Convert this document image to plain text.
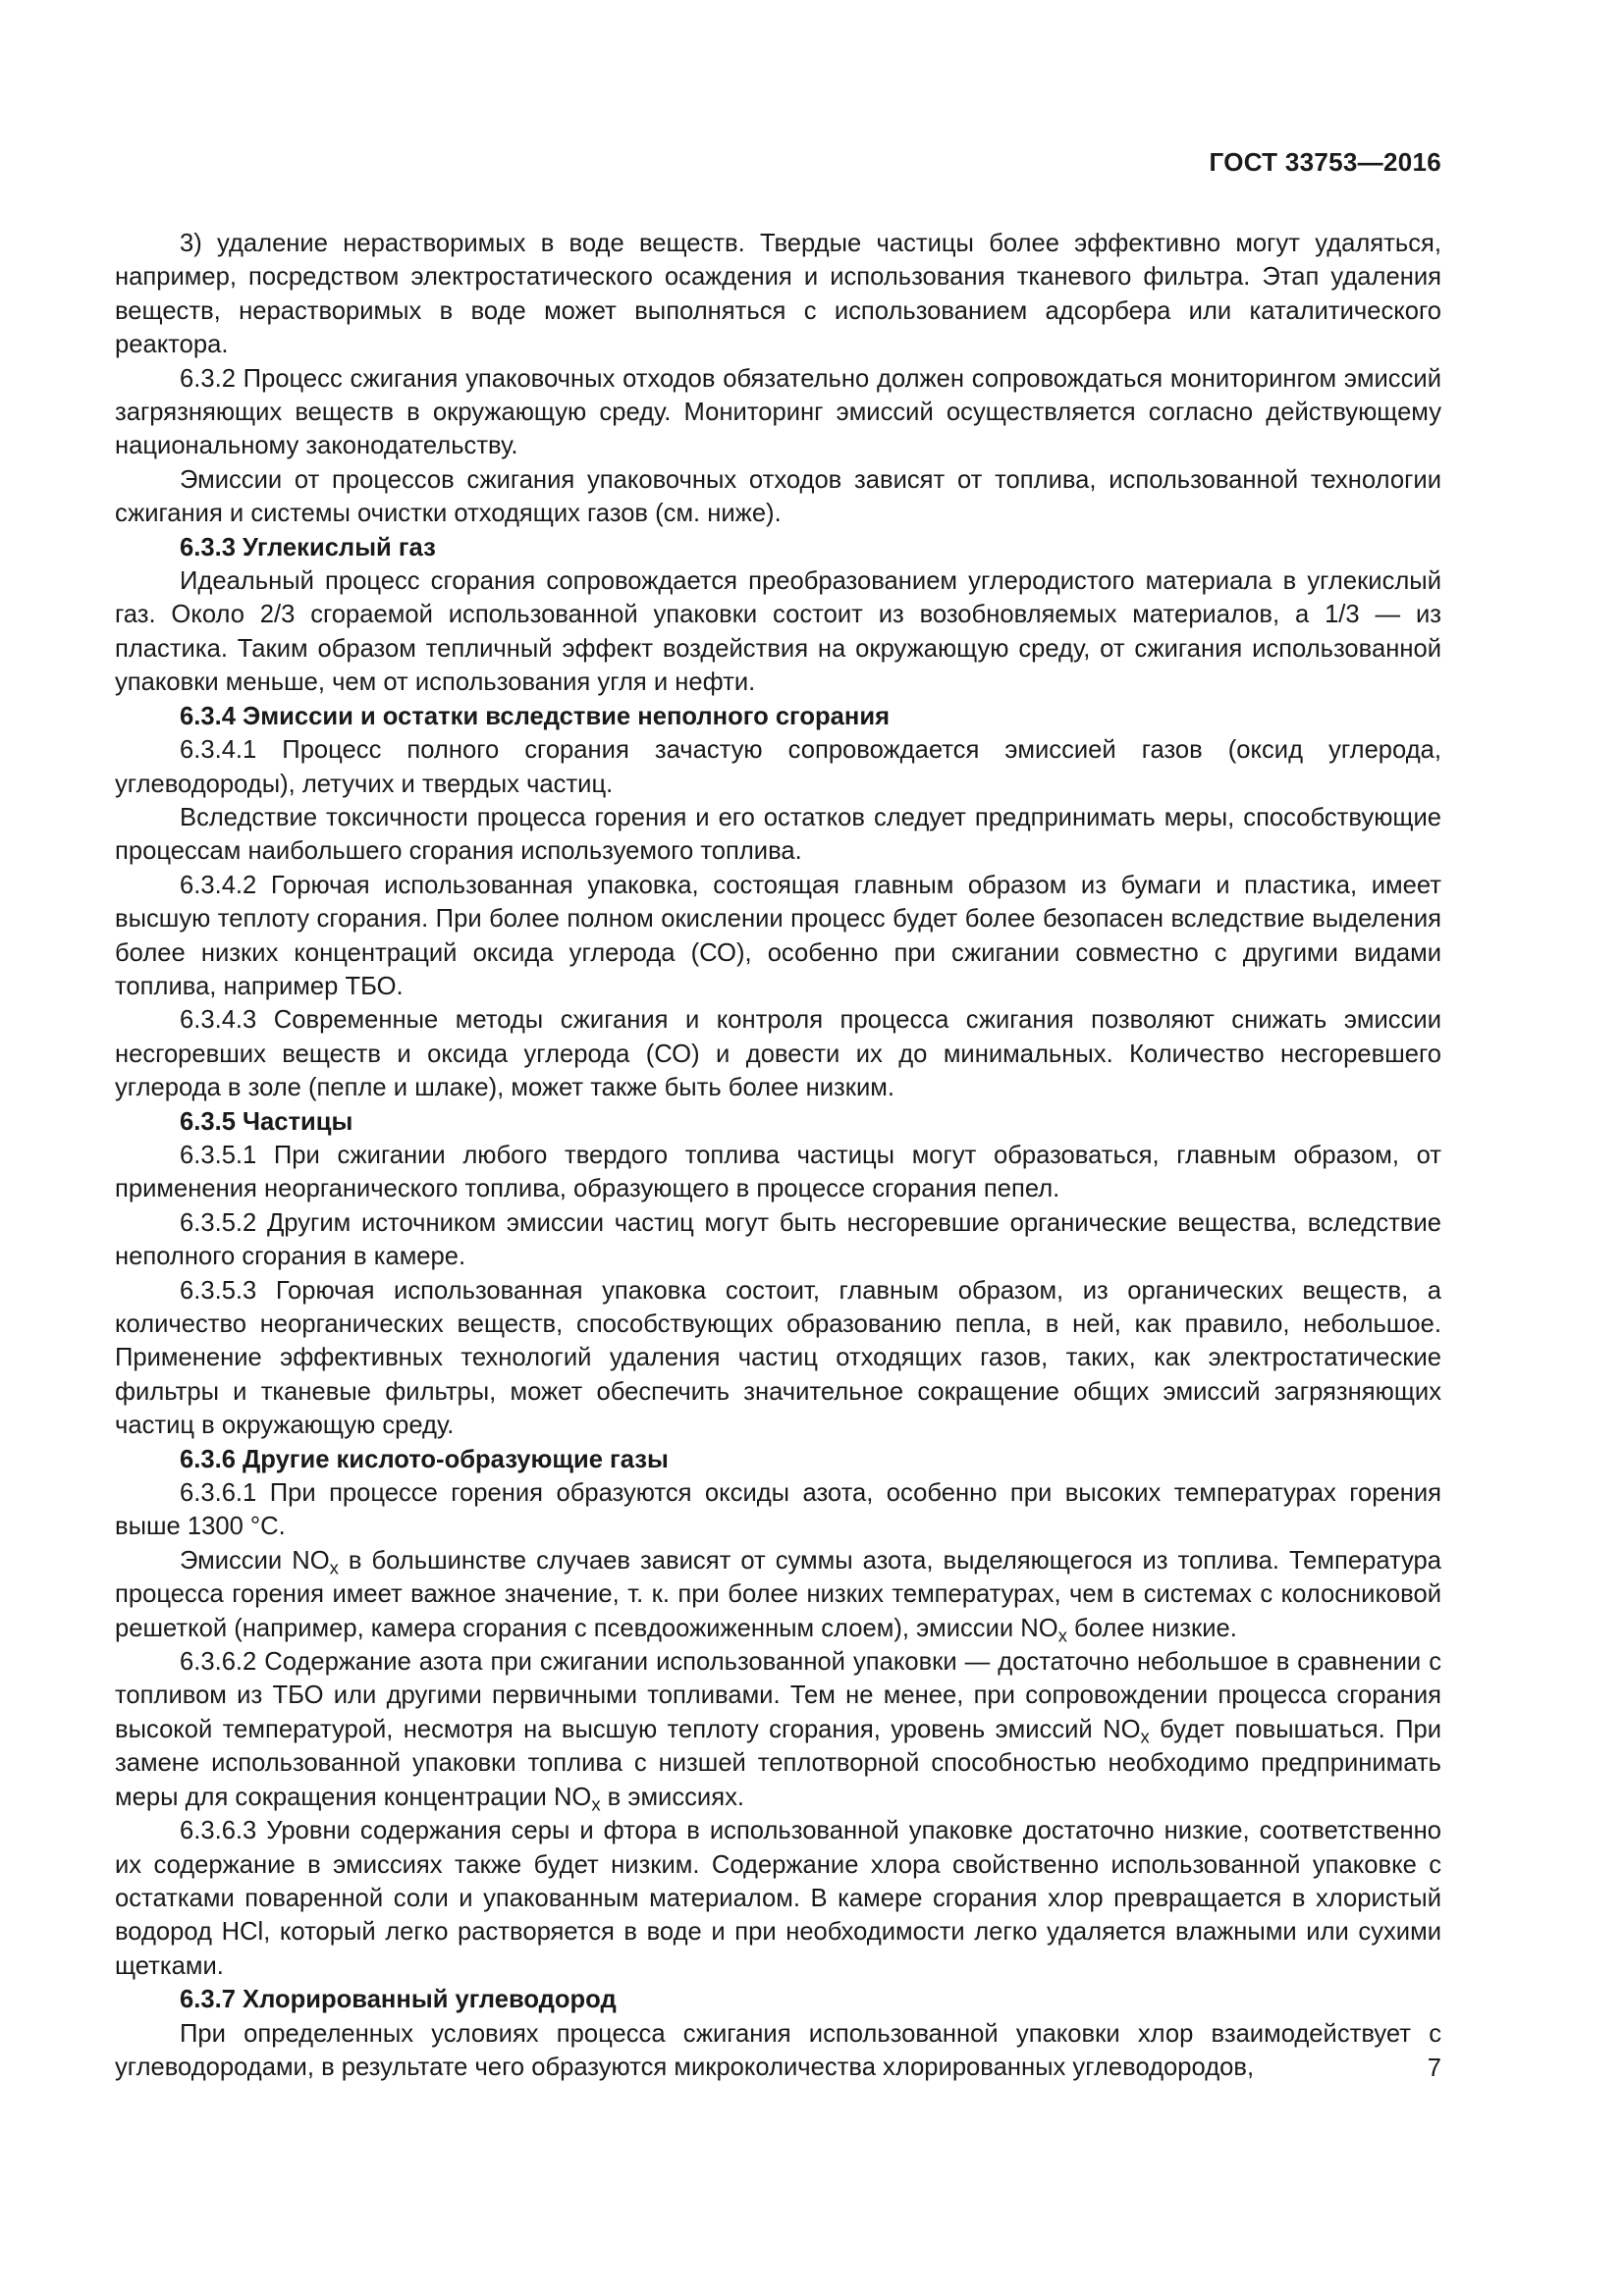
ГОСТ 33753—2016

3) удаление нерастворимых в воде веществ. Твердые частицы более эффективно могут удаляться, например, посредством электростатического осаждения и использования тканевого фильтра. Этап удаления веществ, нерастворимых в воде может выполняться с использованием адсорбера или каталитического реактора.

6.3.2 Процесс сжигания упаковочных отходов обязательно должен сопровождаться мониторингом эмиссий загрязняющих веществ в окружающую среду. Мониторинг эмиссий осуществляется согласно действующему национальному законодательству.

Эмиссии от процессов сжигания упаковочных отходов зависят от топлива, использованной технологии сжигания и системы очистки отходящих газов (см. ниже).

6.3.3 Углекислый газ

Идеальный процесс сгорания сопровождается преобразованием углеродистого материала в углекислый газ. Около 2/3 сгораемой использованной упаковки состоит из возобновляемых материалов, а 1/3 — из пластика. Таким образом тепличный эффект воздействия на окружающую среду, от сжигания использованной упаковки меньше, чем от использования угля и нефти.

6.3.4 Эмиссии и остатки вследствие неполного сгорания

6.3.4.1 Процесс полного сгорания зачастую сопровождается эмиссией газов (оксид углерода, углеводороды), летучих и твердых частиц.

Вследствие токсичности процесса горения и его остатков следует предпринимать меры, способствующие процессам наибольшего сгорания используемого топлива.

6.3.4.2 Горючая использованная упаковка, состоящая главным образом из бумаги и пластика, имеет высшую теплоту сгорания. При более полном окислении процесс будет более безопасен вследствие выделения более низких концентраций оксида углерода (СО), особенно при сжигании совместно с другими видами топлива, например ТБО.

6.3.4.3 Современные методы сжигания и контроля процесса сжигания позволяют снижать эмиссии несгоревших веществ и оксида углерода (СО) и довести их до минимальных. Количество несгоревшего углерода в золе (пепле и шлаке), может также быть более низким.

6.3.5 Частицы

6.3.5.1 При сжигании любого твердого топлива частицы могут образоваться, главным образом, от применения неорганического топлива, образующего в процессе сгорания пепел.

6.3.5.2 Другим источником эмиссии частиц могут быть несгоревшие органические вещества, вследствие неполного сгорания в камере.

6.3.5.3 Горючая использованная упаковка состоит, главным образом, из органических веществ, а количество неорганических веществ, способствующих образованию пепла, в ней, как правило, небольшое. Применение эффективных технологий удаления частиц отходящих газов, таких, как электростатические фильтры и тканевые фильтры, может обеспечить значительное сокращение общих эмиссий загрязняющих частиц в окружающую среду.

6.3.6 Другие кислото-образующие газы

6.3.6.1 При процессе горения образуются оксиды азота, особенно при высоких температурах горения выше 1300 °С.

Эмиссии $NO_x$ в большинстве случаев зависят от суммы азота, выделяющегося из топлива. Температура процесса горения имеет важное значение, т. к. при более низких температурах, чем в системах с колосниковой решеткой (например, камера сгорания с псевдоожиженным слоем), эмиссии $NO_x$ более низкие.

6.3.6.2 Содержание азота при сжигании использованной упаковки — достаточно небольшое в сравнении с топливом из ТБО или другими первичными топливами. Тем не менее, при сопровождении процесса сгорания высокой температурой, несмотря на высшую теплоту сгорания, уровень эмиссий $NO_x$ будет повышаться. При замене использованной упаковки топлива с низшей теплотворной способностью необходимо предпринимать меры для сокращения концентрации $NO_x$ в эмиссиях.

6.3.6.3 Уровни содержания серы и фтора в использованной упаковке достаточно низкие, соответственно их содержание в эмиссиях также будет низким. Содержание хлора свойственно использованной упаковке с остатками поваренной соли и упакованным материалом. В камере сгорания хлор превращается в хлористый водород НСl, который легко растворяется в воде и при необходимости легко удаляется влажными или сухими щетками.

6.3.7 Хлорированный углеводород

При определенных условиях процесса сжигания использованной упаковки хлор взаимодействует с углеводородами, в результате чего образуются микроколичества хлорированных углеводородов,	7
